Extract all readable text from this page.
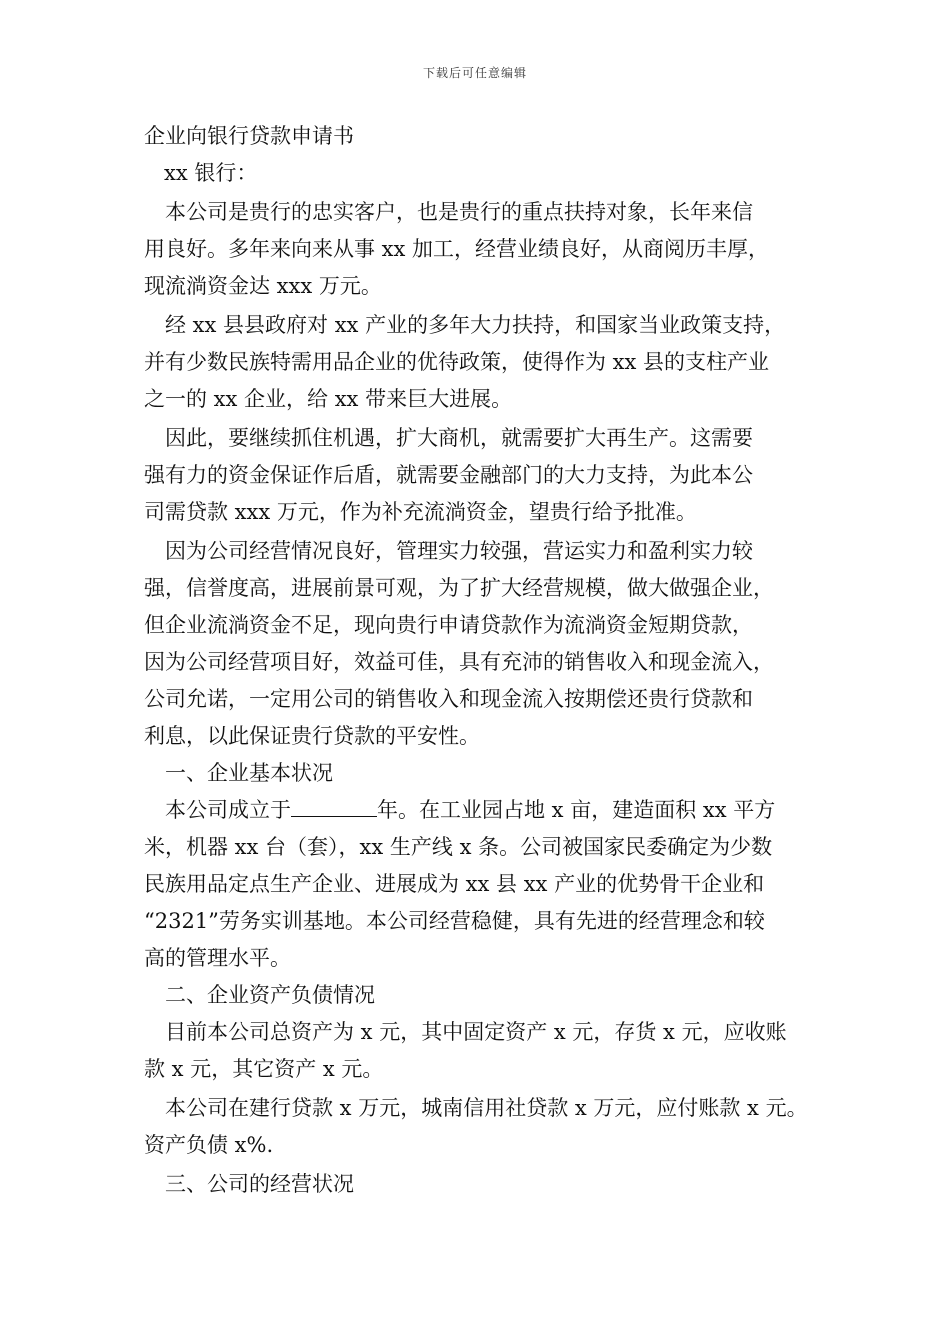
下载后可任意编辑
企业向银行贷款申请书
xx 银行：
本公司是贵行的忠实客户，也是贵行的重点扶持对象，长年来信
用良好。多年来向来从事 xx 加工，经营业绩良好，从商阅历丰厚，
现流淌资金达 xxx 万元。
经 xx 县县政府对 xx 产业的多年大力扶持，和国家当业政策支持，
并有少数民族特需用品企业的优待政策，使得作为 xx 县的支柱产业
之一的 xx 企业，给 xx 带来巨大进展。
因此，要继续抓住机遇，扩大商机，就需要扩大再生产。这需要
强有力的资金保证作后盾，就需要金融部门的大力支持，为此本公
司需贷款 xxx 万元，作为补充流淌资金，望贵行给予批准。
因为公司经营情况良好，管理实力较强，营运实力和盈利实力较
强，信誉度高，进展前景可观，为了扩大经营规模，做大做强企业，
但企业流淌资金不足，现向贵行申请贷款作为流淌资金短期贷款，
因为公司经营项目好，效益可佳，具有充沛的销售收入和现金流入，
公司允诺，一定用公司的销售收入和现金流入按期偿还贵行贷款和
利息，以此保证贵行贷款的平安性。
一、企业基本状况
本公司成立于	年。在工业园占地 x 亩，建造面积 xx 平方
米，机器 xx 台（套），xx 生产线 x 条。公司被国家民委确定为少数
民族用品定点生产企业、进展成为 xx 县 xx 产业的优势骨干企业和
“2321”劳务实训基地。本公司经营稳健，具有先进的经营理念和较
高的管理水平。
二、企业资产负债情况
目前本公司总资产为 x 元，其中固定资产 x 元，存货 x 元，应收账
款 x 元，其它资产 x 元。
本公司在建行贷款 x 万元，城南信用社贷款 x 万元，应付账款 x 元。
资产负债 x%.
三、公司的经营状况
